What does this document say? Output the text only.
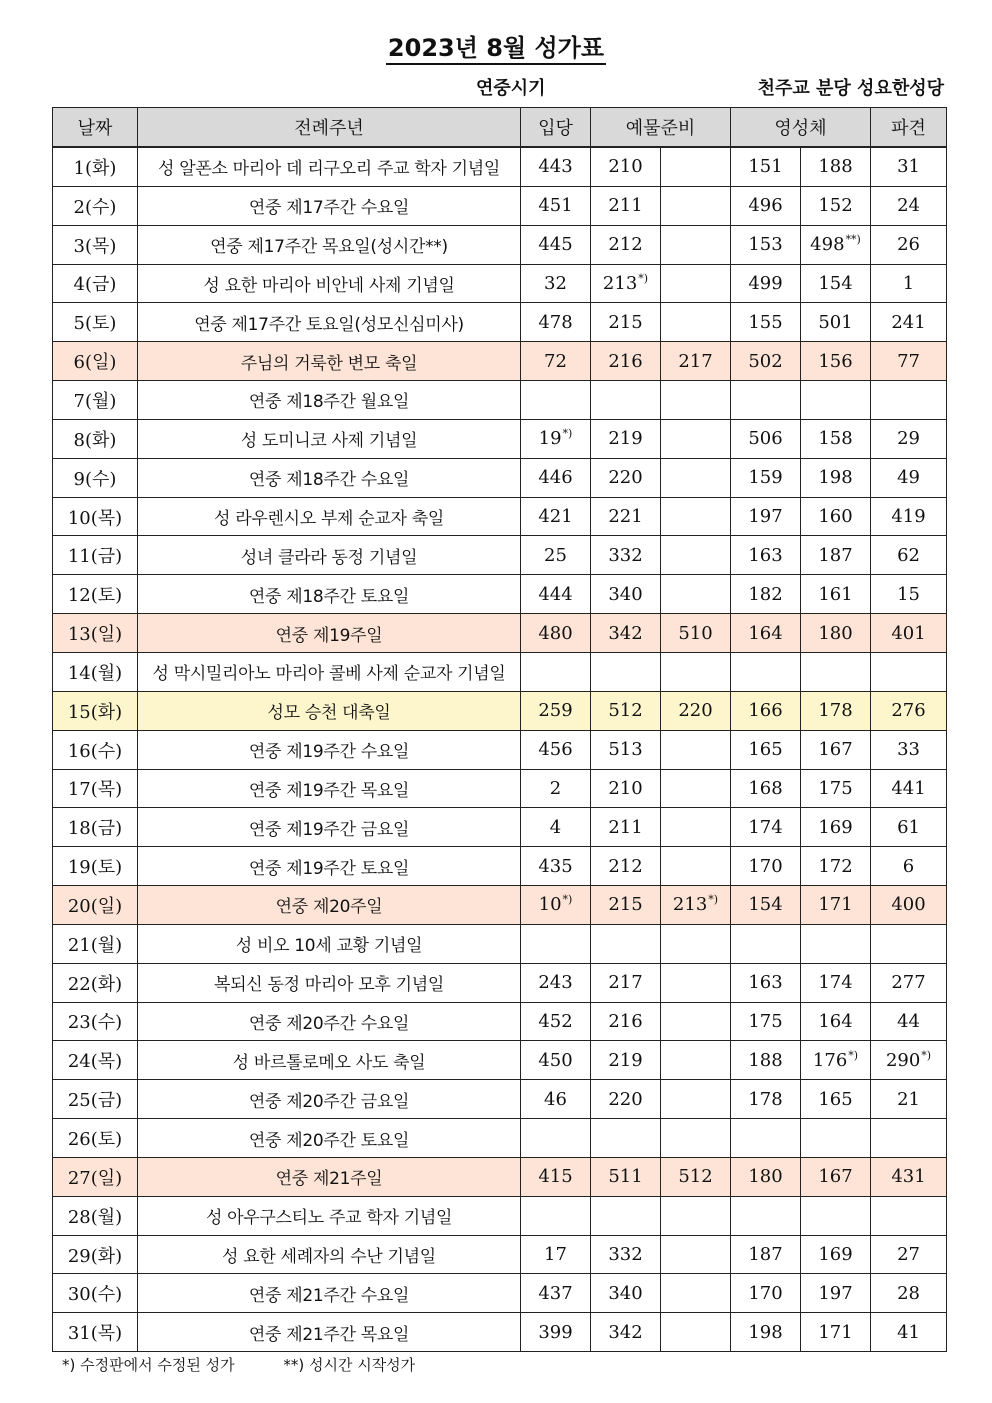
2023년 8월 성가표
연중시기	천주교 분당 성요한성당
날짜	전례주년	입당	예물준비		영성체		파견
1(화)	성 알폰소 마리아 데 리구오리 주교 학자 기념일	443	210		151	188	31
2(수)	연중 제17주간 수요일	451	211		496	152	24
3(목)	연중 제17주간 목요일(성시간**)	445	212		153	498**)	26
4(금)	성 요한 마리아 비안네 사제 기념일	32	213*)		499	154	1
5(토)	연중 제17주간 토요일(성모신심미사)	478	215		155	501	241
6(일)	주님의 거룩한 변모 축일	72	216	217	502	156	77
7(월)	연중 제18주간 월요일						
8(화)	성 도미니코 사제 기념일	19*)	219		506	158	29
9(수)	연중 제18주간 수요일	446	220		159	198	49
10(목)	성 라우렌시오 부제 순교자 축일	421	221		197	160	419
11(금)	성녀 클라라 동정 기념일	25	332		163	187	62
12(토)	연중 제18주간 토요일	444	340		182	161	15
13(일)	연중 제19주일	480	342	510	164	180	401
14(월)	성 막시밀리아노 마리아 콜베 사제 순교자 기념일						
15(화)	성모 승천 대축일	259	512	220	166	178	276
16(수)	연중 제19주간 수요일	456	513		165	167	33
17(목)	연중 제19주간 목요일	2	210		168	175	441
18(금)	연중 제19주간 금요일	4	211		174	169	61
19(토)	연중 제19주간 토요일	435	212		170	172	6
20(일)	연중 제20주일	10*)	215	213*)	154	171	400
21(월)	성 비오 10세 교황 기념일						
22(화)	복되신 동정 마리아 모후 기념일	243	217		163	174	277
23(수)	연중 제20주간 수요일	452	216		175	164	44
24(목)	성 바르톨로메오 사도 축일	450	219		188	176*)	290*)
25(금)	연중 제20주간 금요일	46	220		178	165	21
26(토)	연중 제20주간 토요일						
27(일)	연중 제21주일	415	511	512	180	167	431
28(월)	성 아우구스티노 주교 학자 기념일						
29(화)	성 요한 세례자의 수난 기념일	17	332		187	169	27
30(수)	연중 제21주간 수요일	437	340		170	197	28
31(목)	연중 제21주간 목요일	399	342		198	171	41
*) 수정판에서 수정된 성가	**) 성시간 시작성가
